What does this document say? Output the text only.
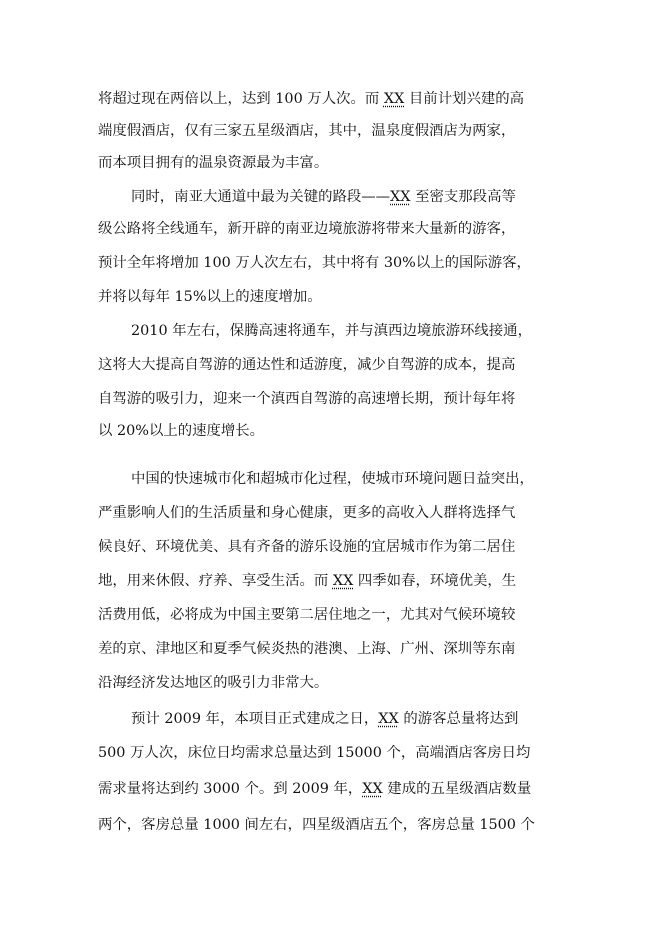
将超过现在两倍以上，达到 100 万人次。而 XX 目前计划兴建的高
端度假酒店，仅有三家五星级酒店，其中，温泉度假酒店为两家，
而本项目拥有的温泉资源最为丰富。
同时，南亚大通道中最为关键的路段——XX 至密支那段高等
级公路将全线通车，新开辟的南亚边境旅游将带来大量新的游客，
预计全年将增加 100 万人次左右，其中将有 30%以上的国际游客，
并将以每年 15%以上的速度增加。
2010 年左右，保腾高速将通车，并与滇西边境旅游环线接通，
这将大大提高自驾游的通达性和适游度，减少自驾游的成本，提高
自驾游的吸引力，迎来一个滇西自驾游的高速增长期，预计每年将
以 20%以上的速度增长。
中国的快速城市化和超城市化过程，使城市环境问题日益突出，
严重影响人们的生活质量和身心健康，更多的高收入人群将选择气
候良好、环境优美、具有齐备的游乐设施的宜居城市作为第二居住
地，用来休假、疗养、享受生活。而 XX 四季如春，环境优美，生
活费用低，必将成为中国主要第二居住地之一，尤其对气候环境较
差的京、津地区和夏季气候炎热的港澳、上海、广州、深圳等东南
沿海经济发达地区的吸引力非常大。
预计 2009 年，本项目正式建成之日，XX 的游客总量将达到
500 万人次，床位日均需求总量达到 15000 个，高端酒店客房日均
需求量将达到约 3000 个。到 2009 年，XX 建成的五星级酒店数量
两个，客房总量 1000 间左右，四星级酒店五个，客房总量 1500 个
